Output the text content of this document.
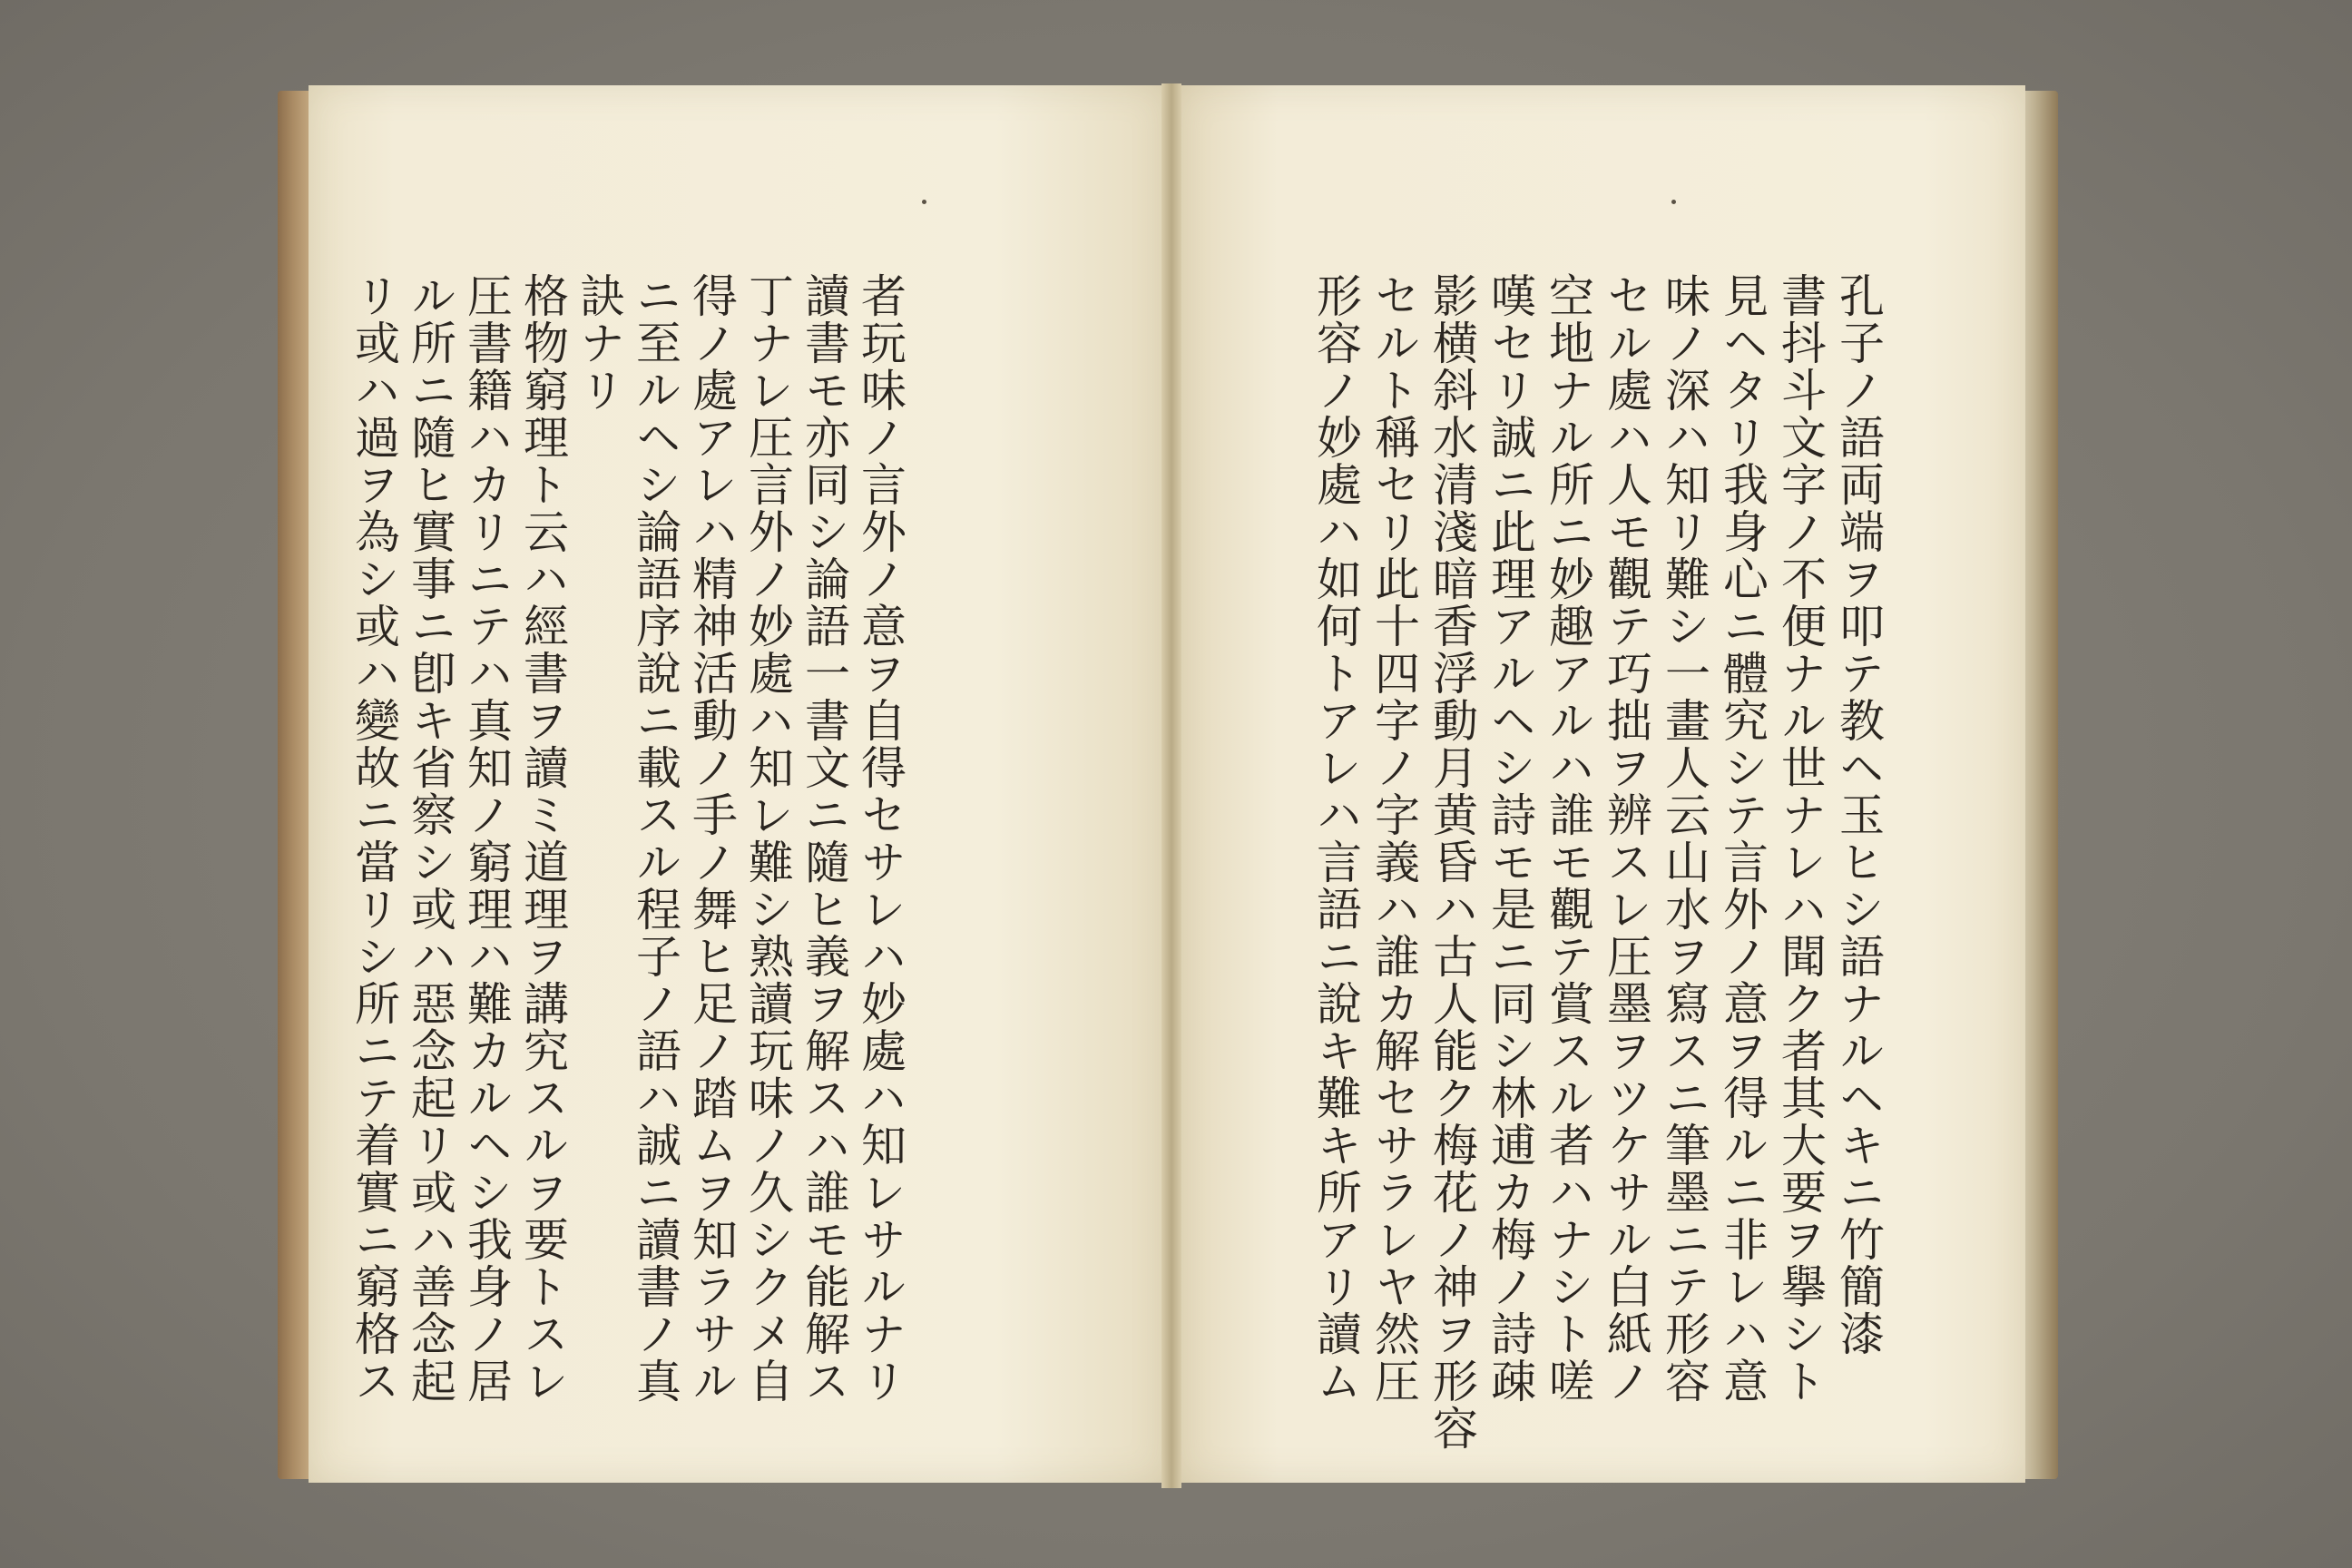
者玩味ノ言外ノ意ヲ自得セサレハ妙處ハ知レサルナリ
讀書モ亦同シ論語一書文ニ隨ヒ義ヲ解スハ誰モ能解ス
丁ナレ圧言外ノ妙處ハ知レ難シ熟讀玩味ノ久シクメ自
得ノ處アレハ精神活動ノ手ノ舞ヒ足ノ踏ムヲ知ラサル
ニ至ルヘシ論語序說ニ載スル程子ノ語ハ誠ニ讀書ノ真
訣ナリ
格物窮理ト云ハ經書ヲ讀ミ道理ヲ講究スルヲ要トスレ
圧書籍ハカリニテハ真知ノ窮理ハ難カルヘシ我身ノ居
ル所ニ隨ヒ實事ニ卽キ省察シ或ハ惡念起リ或ハ善念起
リ或ハ過ヲ為シ或ハ變故ニ當リシ所ニテ着實ニ窮格ス	孔子ノ語両端ヲ叩テ教ヘ玉ヒシ語ナルヘキニ竹簡漆
書抖斗文字ノ不便ナル世ナレハ聞ク者其大要ヲ擧シト
見ヘタリ我身心ニ體究シテ言外ノ意ヲ得ルニ非レハ意
味ノ深ハ知リ難シ一畫人云山水ヲ寫スニ筆墨ニテ形容
セル處ハ人モ觀テ巧拙ヲ辨スレ圧墨ヲツケサル白紙ノ
空地ナル所ニ妙趣アルハ誰モ觀テ賞スル者ハナシト嗟
嘆セリ誠ニ此理アルヘシ詩モ是ニ同シ林逋カ梅ノ詩疎
影横斜水清淺暗香浮動月黄昏ハ古人能ク梅花ノ神ヲ形容
セルト稱セリ此十四字ノ字義ハ誰カ解セサラレヤ然圧
形容ノ妙處ハ如何トアレハ言語ニ說キ難キ所アリ讀ム
